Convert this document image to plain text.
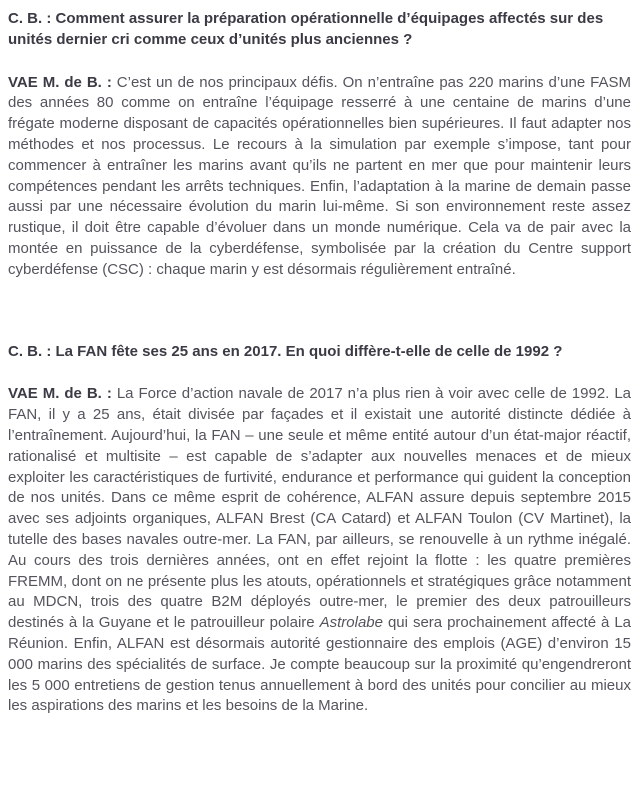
C. B. : Comment assurer la préparation opérationnelle d’équipages affectés sur des unités dernier cri comme ceux d’unités plus anciennes ?

VAE M. de B. : C’est un de nos principaux défis. On n’entraîne pas 220 marins d’une FASM des années 80 comme on entraîne l’équipage resserré à une centaine de marins d’une frégate moderne disposant de capacités opérationnelles bien supérieures. Il faut adapter nos méthodes et nos processus. Le recours à la simulation par exemple s’impose, tant pour commencer à entraîner les marins avant qu’ils ne partent en mer que pour maintenir leurs compétences pendant les arrêts techniques. Enfin, l’adaptation à la marine de demain passe aussi par une nécessaire évolution du marin lui-même. Si son environnement reste assez rustique, il doit être capable d’évoluer dans un monde numérique. Cela va de pair avec la montée en puissance de la cyberdéfense, symbolisée par la création du Centre support cyberdéfense (CSC) : chaque marin y est désormais régulièrement entraîné.

C. B. : La FAN fête ses 25 ans en 2017. En quoi diffère-t-elle de celle de 1992 ?

VAE M. de B. : La Force d’action navale de 2017 n’a plus rien à voir avec celle de 1992. La FAN, il y a 25 ans, était divisée par façades et il existait une autorité distincte dédiée à l’entraînement. Aujourd’hui, la FAN – une seule et même entité autour d’un état-major réactif, rationalisé et multisite – est capable de s’adapter aux nouvelles menaces et de mieux exploiter les caractéristiques de furtivité, endurance et performance qui guident la conception de nos unités. Dans ce même esprit de cohérence, ALFAN assure depuis septembre 2015 avec ses adjoints organiques, ALFAN Brest (CA Catard) et ALFAN Toulon (CV Martinet), la tutelle des bases navales outre-mer. La FAN, par ailleurs, se renouvelle à un rythme inégalé. Au cours des trois dernières années, ont en effet rejoint la flotte : les quatre premières FREMM, dont on ne présente plus les atouts, opérationnels et stratégiques grâce notamment au MDCN, trois des quatre B2M déployés outre-mer, le premier des deux patrouilleurs destinés à la Guyane et le patrouilleur polaire Astrolabe qui sera prochainement affecté à La Réunion. Enfin, ALFAN est désormais autorité gestionnaire des emplois (AGE) d’environ 15 000 marins des spécialités de surface. Je compte beaucoup sur la proximité qu’engendreront les 5 000 entretiens de gestion tenus annuellement à bord des unités pour concilier au mieux les aspirations des marins et les besoins de la Marine.
